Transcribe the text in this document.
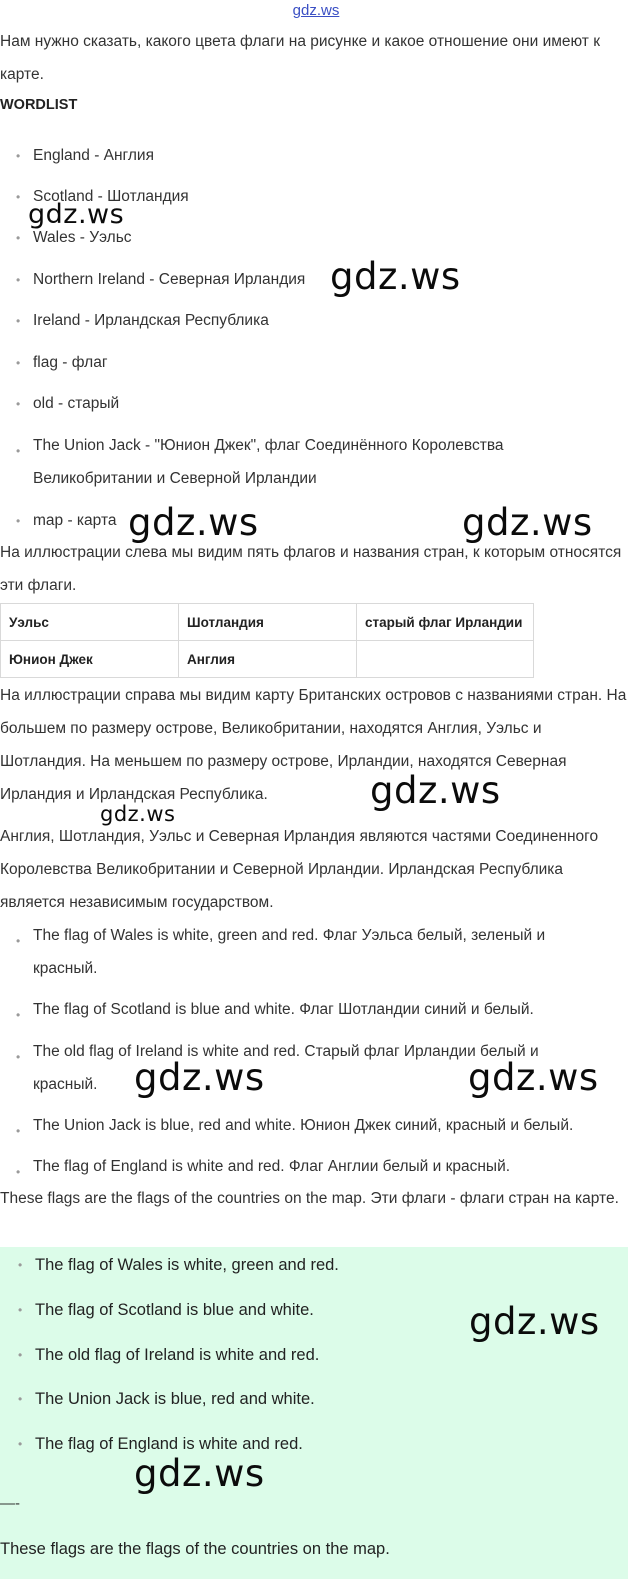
gdz.ws

Нам нужно сказать, какого цвета флаги на рисунке и какое отношение они имеют к карте.

WORDLIST
• England - Англия
• Scotland - Шотландия
• Wales - Уэльс
• Northern Ireland - Северная Ирландия
• Ireland - Ирландская Республика
• flag - флаг
• old - старый
• The Union Jack - "Юнион Джек", флаг Соединённого Королевства Великобритании и Северной Ирландии
• map - карта

На иллюстрации слева мы видим пять флагов и названия стран, к которым относятся эти флаги.

Уэльс	Шотландия	старый флаг Ирландии
Юнион Джек	Англия	

На иллюстрации справа мы видим карту Британских островов с названиями стран. На большем по размеру острове, Великобритании, находятся Англия, Уэльс и Шотландия. На меньшем по размеру острове, Ирландии, находятся Северная Ирландия и Ирландская Республика.

Англия, Шотландия, Уэльс и Северная Ирландия являются частями Соединенного Королевства Великобритании и Северной Ирландии. Ирландская Республика является независимым государством.

• The flag of Wales is white, green and red. Флаг Уэльса белый, зеленый и красный.
• The flag of Scotland is blue and white. Флаг Шотландии синий и белый.
• The old flag of Ireland is white and red. Старый флаг Ирландии белый и красный.
• The Union Jack is blue, red and white. Юнион Джек синий, красный и белый.
• The flag of England is white and red. Флаг Англии белый и красный.

These flags are the flags of the countries on the map. Эти флаги - флаги стран на карте.

• The flag of Wales is white, green and red.
• The flag of Scotland is blue and white.
• The old flag of Ireland is white and red.
• The Union Jack is blue, red and white.
• The flag of England is white and red.
—-
These flags are the flags of the countries on the map.
gdz.ws
gdz.ws
gdz.ws	gdz.ws
gdz.ws
gdz.ws
gdz.ws	gdz.ws
gdz.ws
gdz.ws
